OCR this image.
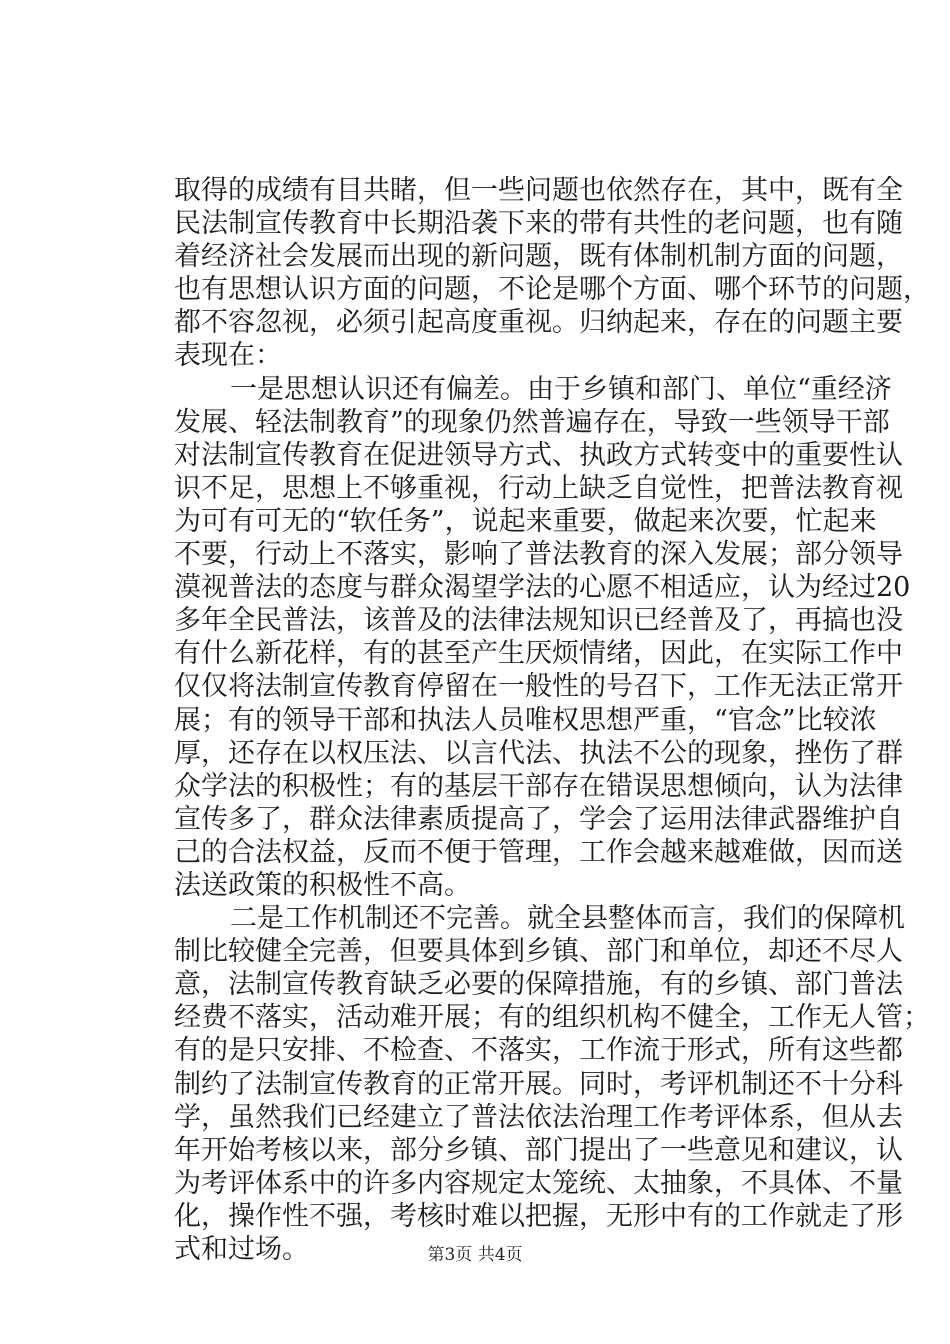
取得的成绩有目共睹，但一些问题也依然存在，其中，既有全
民法制宣传教育中长期沿袭下来的带有共性的老问题，也有随
着经济社会发展而出现的新问题，既有体制机制方面的问题，
也有思想认识方面的问题，不论是哪个方面、哪个环节的问题，
都不容忽视，必须引起高度重视。归纳起来，存在的问题主要
表现在：
一是思想认识还有偏差。由于乡镇和部门、单位“重经济
发展、轻法制教育”的现象仍然普遍存在，导致一些领导干部
对法制宣传教育在促进领导方式、执政方式转变中的重要性认
识不足，思想上不够重视，行动上缺乏自觉性，把普法教育视
为可有可无的“软任务”，说起来重要，做起来次要，忙起来
不要，行动上不落实，影响了普法教育的深入发展；部分领导
漠视普法的态度与群众渴望学法的心愿不相适应，认为经过20
多年全民普法，该普及的法律法规知识已经普及了，再搞也没
有什么新花样，有的甚至产生厌烦情绪，因此，在实际工作中
仅仅将法制宣传教育停留在一般性的号召下，工作无法正常开
展；有的领导干部和执法人员唯权思想严重，“官念”比较浓
厚，还存在以权压法、以言代法、执法不公的现象，挫伤了群
众学法的积极性；有的基层干部存在错误思想倾向，认为法律
宣传多了，群众法律素质提高了，学会了运用法律武器维护自
己的合法权益，反而不便于管理，工作会越来越难做，因而送
法送政策的积极性不高。
二是工作机制还不完善。就全县整体而言，我们的保障机
制比较健全完善，但要具体到乡镇、部门和单位，却还不尽人
意，法制宣传教育缺乏必要的保障措施，有的乡镇、部门普法
经费不落实，活动难开展；有的组织机构不健全，工作无人管；
有的是只安排、不检查、不落实，工作流于形式，所有这些都
制约了法制宣传教育的正常开展。同时，考评机制还不十分科
学，虽然我们已经建立了普法依法治理工作考评体系，但从去
年开始考核以来，部分乡镇、部门提出了一些意见和建议，认
为考评体系中的许多内容规定太笼统、太抽象，不具体、不量
化，操作性不强，考核时难以把握，无形中有的工作就走了形
式和过场。	第3页 共4页
